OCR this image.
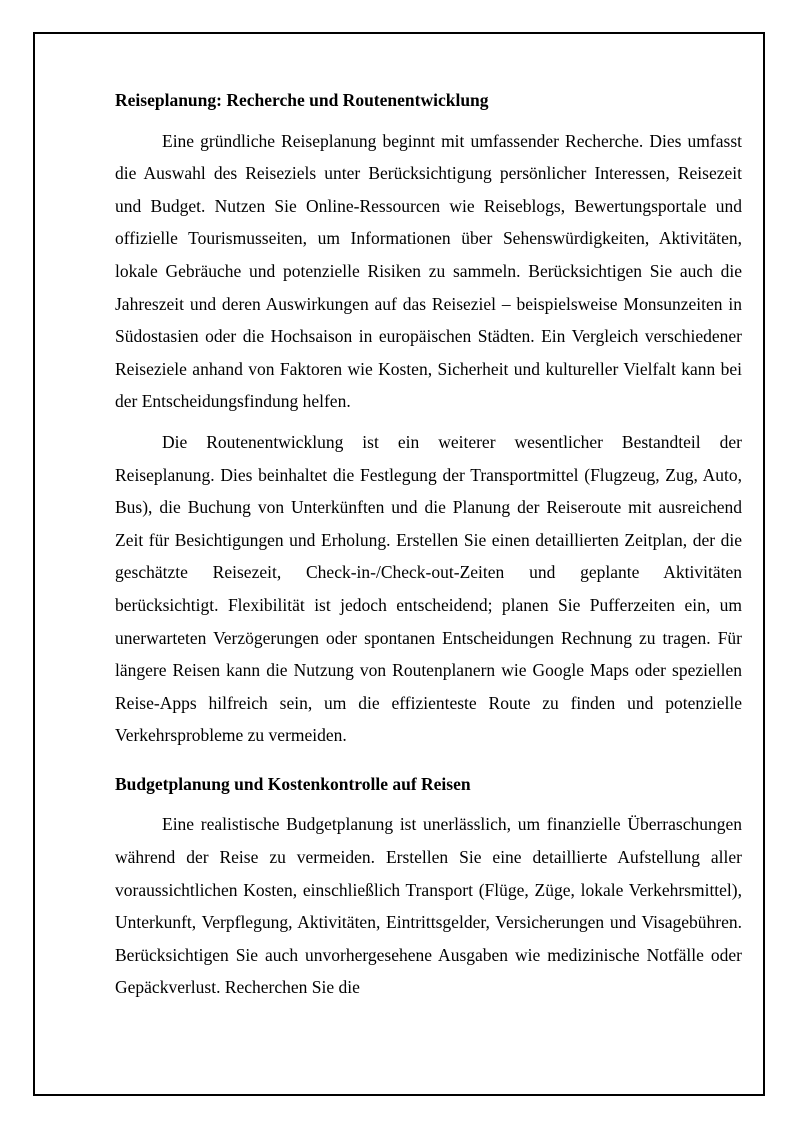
Reiseplanung: Recherche und Routenentwicklung

Eine gründliche Reiseplanung beginnt mit umfassender Recherche. Dies umfasst die Auswahl des Reiseziels unter Berücksichtigung persönlicher Interessen, Reisezeit und Budget. Nutzen Sie Online-Ressourcen wie Reiseblogs, Bewertungsportale und offizielle Tourismusseiten, um Informationen über Sehenswürdigkeiten, Aktivitäten, lokale Gebräuche und potenzielle Risiken zu sammeln. Berücksichtigen Sie auch die Jahreszeit und deren Auswirkungen auf das Reiseziel – beispielsweise Monsunzeiten in Südostasien oder die Hochsaison in europäischen Städten. Ein Vergleich verschiedener Reiseziele anhand von Faktoren wie Kosten, Sicherheit und kultureller Vielfalt kann bei der Entscheidungsfindung helfen.

Die Routenentwicklung ist ein weiterer wesentlicher Bestandteil der Reiseplanung. Dies beinhaltet die Festlegung der Transportmittel (Flugzeug, Zug, Auto, Bus), die Buchung von Unterkünften und die Planung der Reiseroute mit ausreichend Zeit für Besichtigungen und Erholung. Erstellen Sie einen detaillierten Zeitplan, der die geschätzte Reisezeit, Check-in-/Check-out-Zeiten und geplante Aktivitäten berücksichtigt. Flexibilität ist jedoch entscheidend; planen Sie Pufferzeiten ein, um unerwarteten Verzögerungen oder spontanen Entscheidungen Rechnung zu tragen. Für längere Reisen kann die Nutzung von Routenplanern wie Google Maps oder speziellen Reise-Apps hilfreich sein, um die effizienteste Route zu finden und potenzielle Verkehrsprobleme zu vermeiden.

Budgetplanung und Kostenkontrolle auf Reisen

Eine realistische Budgetplanung ist unerlässlich, um finanzielle Überraschungen während der Reise zu vermeiden. Erstellen Sie eine detaillierte Aufstellung aller voraussichtlichen Kosten, einschließlich Transport (Flüge, Züge, lokale Verkehrsmittel), Unterkunft, Verpflegung, Aktivitäten, Eintrittsgelder, Versicherungen und Visagebühren. Berücksichtigen Sie auch unvorhergesehene Ausgaben wie medizinische Notfälle oder Gepäckverlust. Recherchen Sie die
